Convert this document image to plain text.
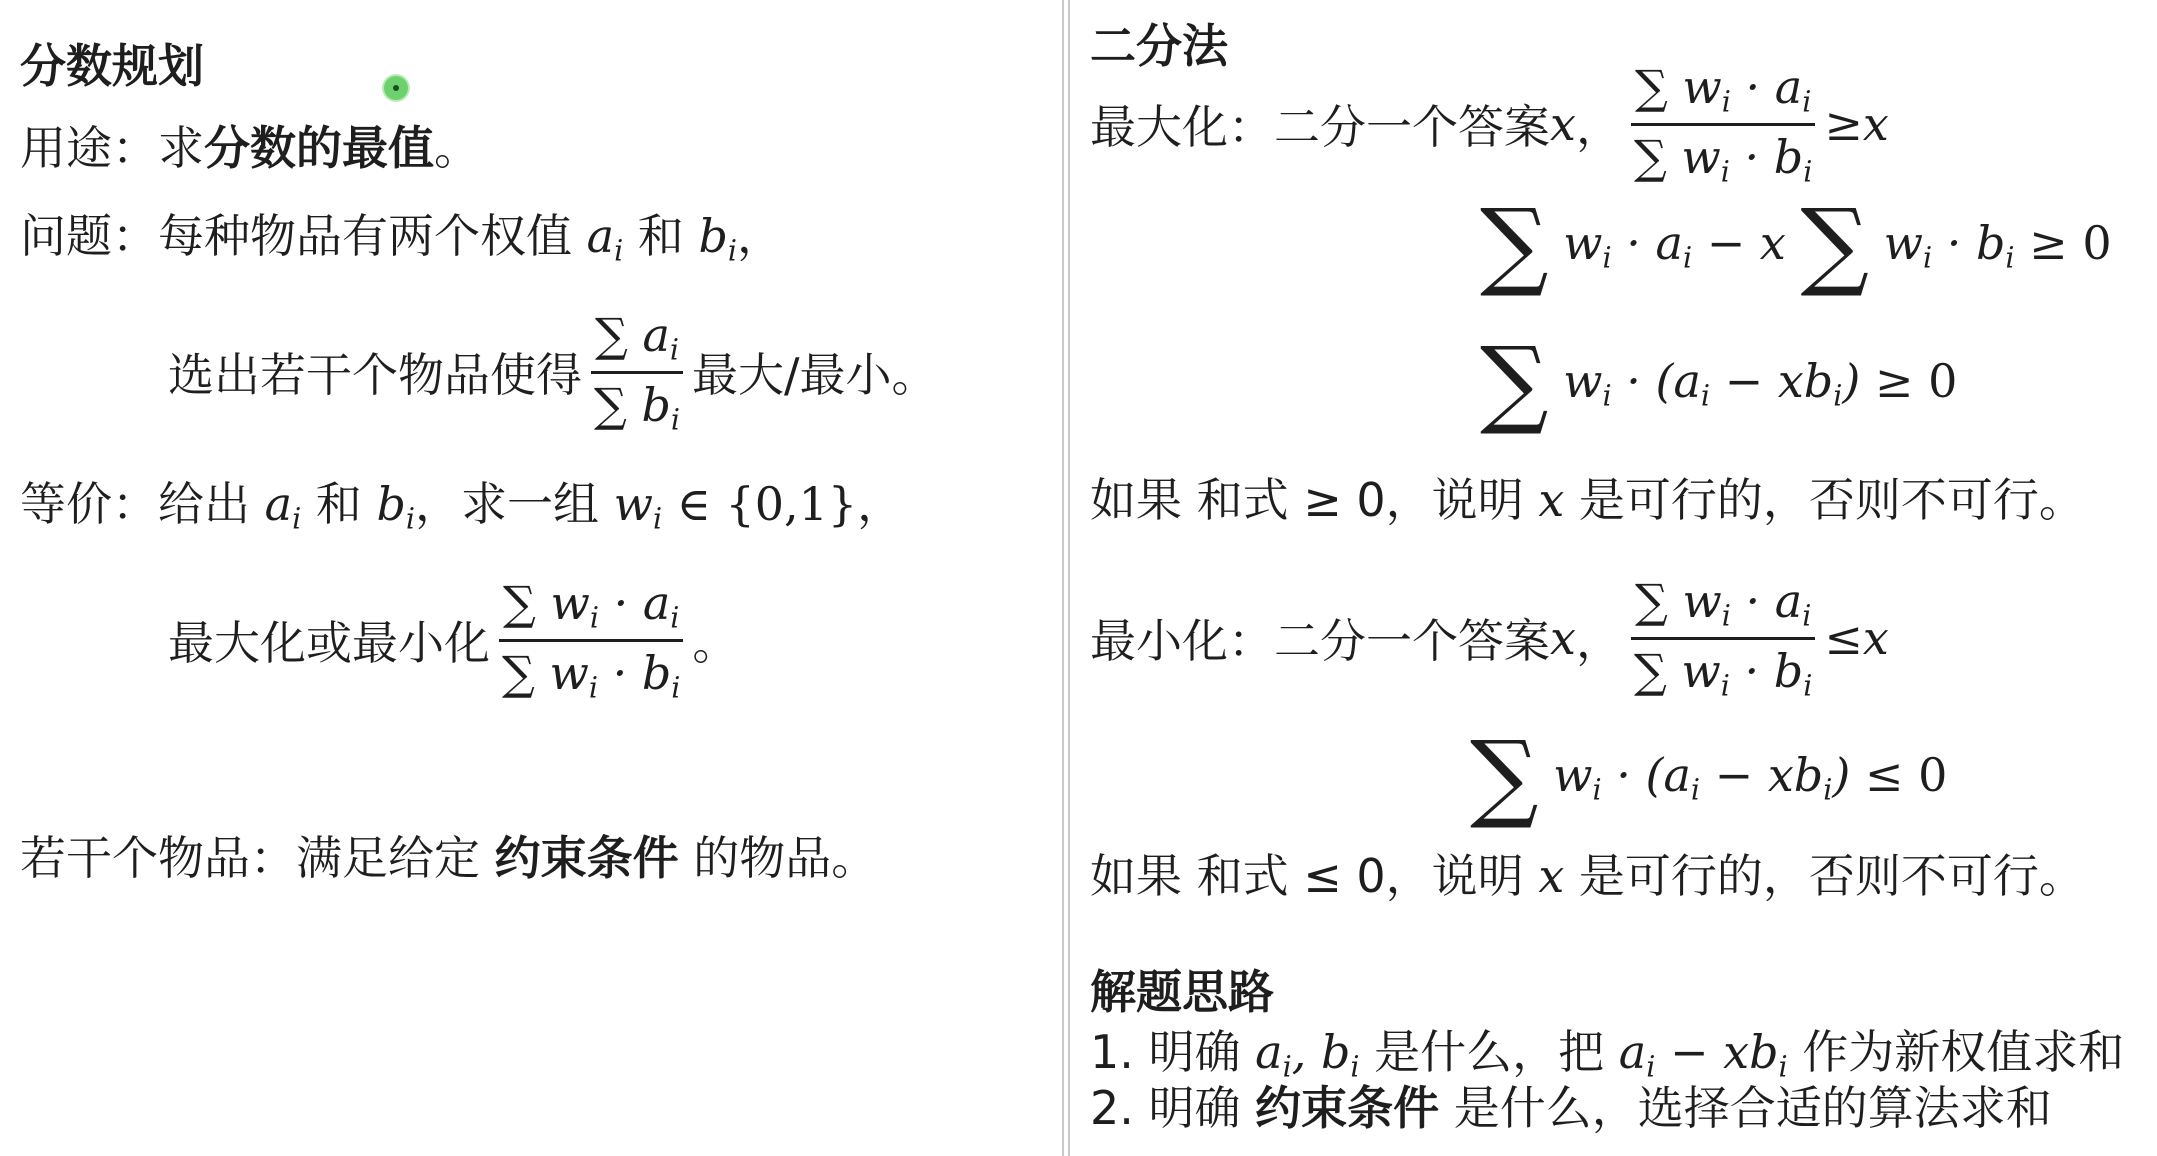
分数规划
用途：求分数的最值。
问题：每种物品有两个权值 $a_i$ 和 $b_i$，
选出若干个物品使得 $\frac{\sum a_i}{\sum b_i}$ 最大/最小。
等价：给出 $a_i$ 和 $b_i$，求一组 $w_i$ ∈ {0,1}，
最大化或最小化 $\frac{\sum w_i \cdot a_i}{\sum w_i \cdot b_i}$ 。
若干个物品：满足给定 约束条件 的物品。
二分法
最大化：二分一个答案 x ， $\frac{\sum w_i \cdot a_i}{\sum w_i \cdot b_i} \ge x$
∑ $w_i \cdot a_i - x$ ∑ $w_i \cdot b_i \ge 0$
∑ $w_i \cdot (a_i - xb_i) \ge 0$
如果 和式 ≥ 0，说明 x 是可行的，否则不可行。
最小化：二分一个答案 x ， $\frac{\sum w_i \cdot a_i}{\sum w_i \cdot b_i} \le x$
∑ $w_i \cdot (a_i - xb_i) \le 0$
如果 和式 ≤ 0，说明 x 是可行的，否则不可行。
解题思路
1. 明确 $a_i$, $b_i$ 是什么，把 $a_i - xb_i$ 作为新权值求和
2. 明确 约束条件 是什么，选择合适的算法求和
